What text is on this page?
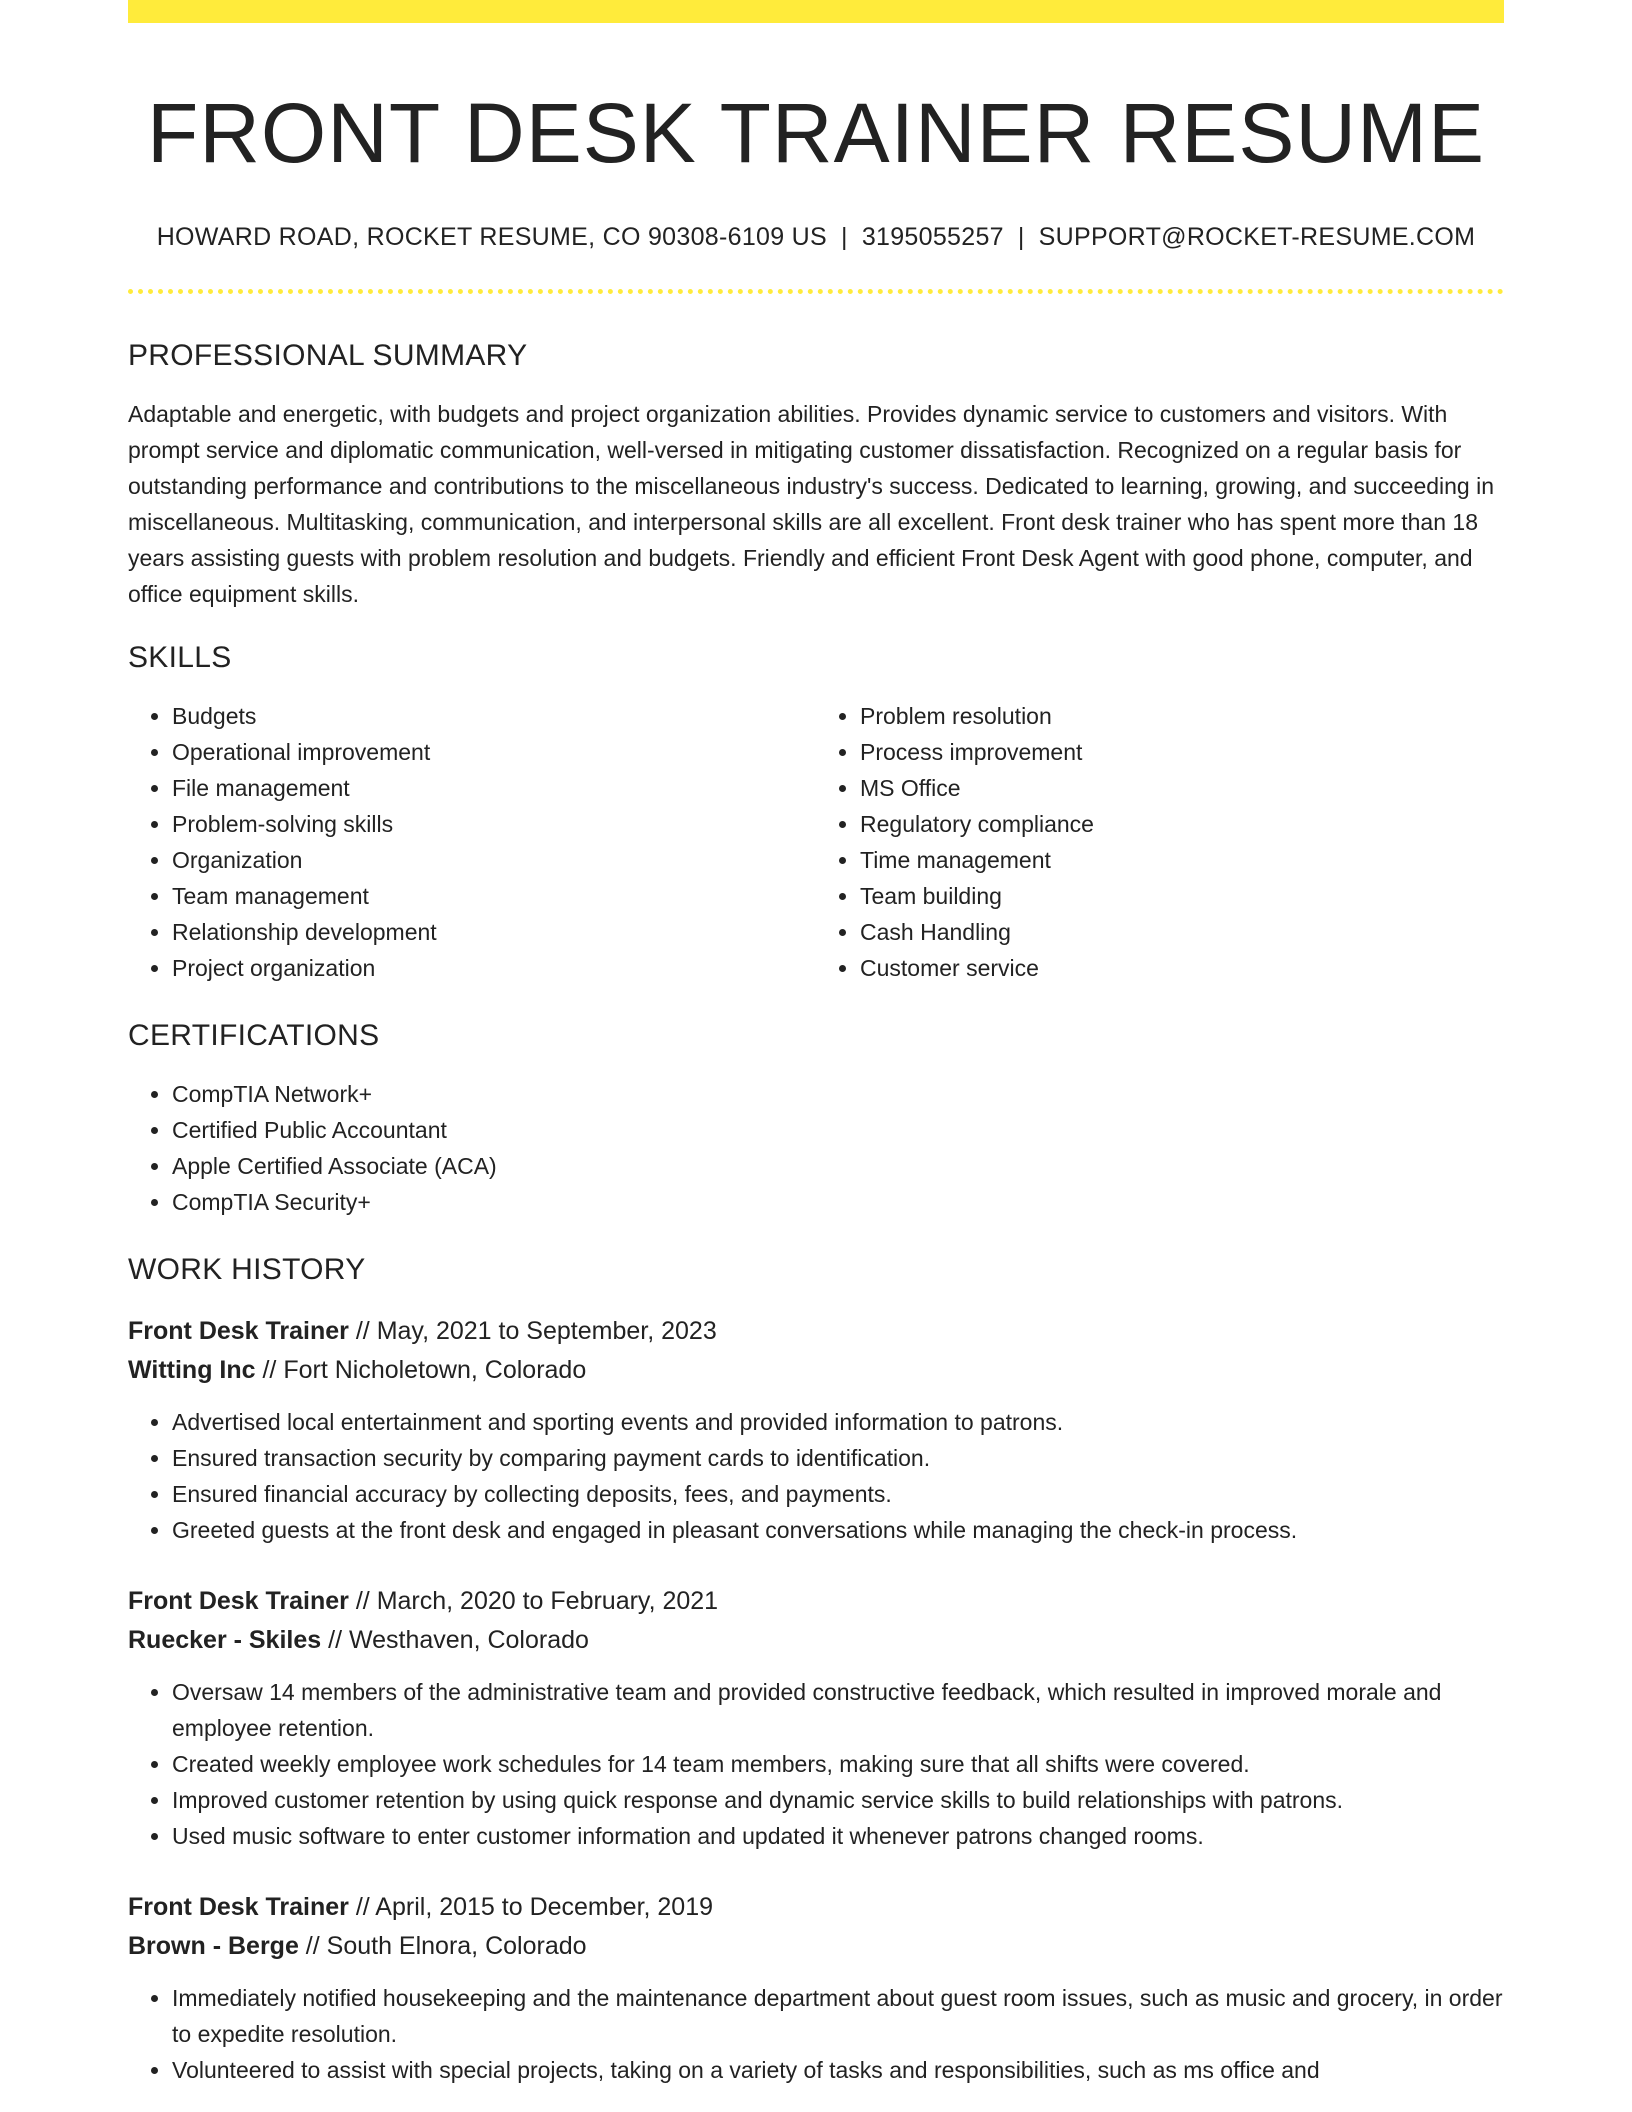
FRONT DESK TRAINER RESUME
HOWARD ROAD, ROCKET RESUME, CO 90308-6109 US | 3195055257 | SUPPORT@ROCKET-RESUME.COM
PROFESSIONAL SUMMARY

Adaptable and energetic, with budgets and project organization abilities. Provides dynamic service to customers and visitors. With prompt service and diplomatic communication, well-versed in mitigating customer dissatisfaction. Recognized on a regular basis for outstanding performance and contributions to the miscellaneous industry's success. Dedicated to learning, growing, and succeeding in miscellaneous. Multitasking, communication, and interpersonal skills are all excellent. Front desk trainer who has spent more than 18 years assisting guests with problem resolution and budgets. Friendly and efficient Front Desk Agent with good phone, computer, and office equipment skills.

SKILLS
• Budgets
• Operational improvement
• File management
• Problem-solving skills
• Organization
• Team management
• Relationship development
• Project organization
• Problem resolution
• Process improvement
• MS Office
• Regulatory compliance
• Time management
• Team building
• Cash Handling
• Customer service
CERTIFICATIONS
• CompTIA Network+
• Certified Public Accountant
• Apple Certified Associate (ACA)
• CompTIA Security+
WORK HISTORY
Front Desk Trainer // May, 2021 to September, 2023
Witting Inc // Fort Nicholetown, Colorado
• Advertised local entertainment and sporting events and provided information to patrons.
• Ensured transaction security by comparing payment cards to identification.
• Ensured financial accuracy by collecting deposits, fees, and payments.
• Greeted guests at the front desk and engaged in pleasant conversations while managing the check-in process.
Front Desk Trainer // March, 2020 to February, 2021
Ruecker - Skiles // Westhaven, Colorado
• Oversaw 14 members of the administrative team and provided constructive feedback, which resulted in improved morale and employee retention.
• Created weekly employee work schedules for 14 team members, making sure that all shifts were covered.
• Improved customer retention by using quick response and dynamic service skills to build relationships with patrons.
• Used music software to enter customer information and updated it whenever patrons changed rooms.
Front Desk Trainer // April, 2015 to December, 2019
Brown - Berge // South Elnora, Colorado
• Immediately notified housekeeping and the maintenance department about guest room issues, such as music and grocery, in order to expedite resolution.
• Volunteered to assist with special projects, taking on a variety of tasks and responsibilities, such as ms office and
